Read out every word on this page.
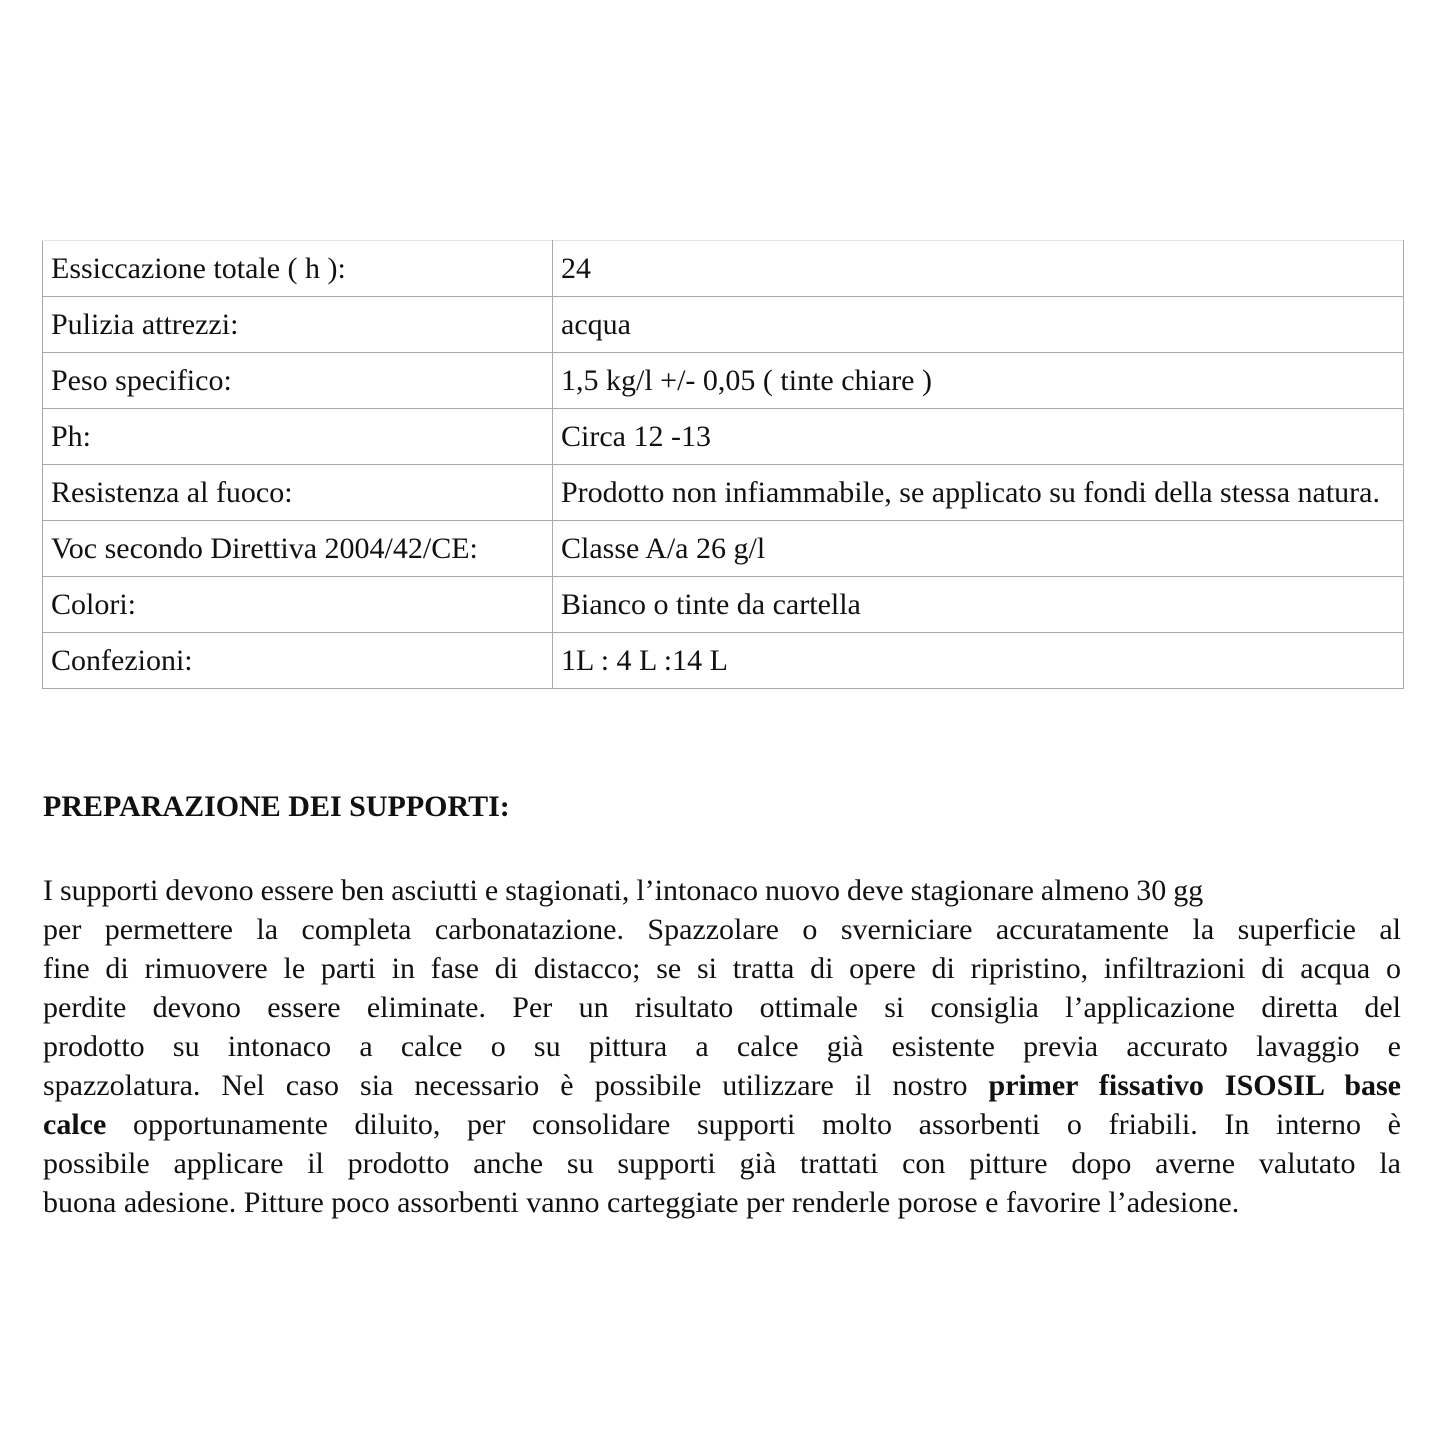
Essiccazione totale ( h ):	24
Pulizia attrezzi:	acqua
Peso specifico:	1,5 kg/l +/- 0,05 ( tinte chiare )
Ph:	Circa 12 -13
Resistenza al fuoco:	Prodotto non infiammabile, se applicato su fondi della stessa natura.
Voc secondo Direttiva 2004/42/CE:	Classe A/a 26 g/l
Colori:	Bianco o tinte da cartella
Confezioni:	1L : 4 L :14 L
PREPARAZIONE DEI SUPPORTI:

I supporti devono essere ben asciutti e stagionati, l’intonaco nuovo deve stagionare almeno 30 gg
per permettere la completa carbonatazione. Spazzolare o sverniciare accuratamente la superficie al
fine di rimuovere le parti in fase di distacco; se si tratta di opere di ripristino, infiltrazioni di acqua o
perdite devono essere eliminate. Per un risultato ottimale si consiglia l’applicazione diretta del
prodotto su intonaco a calce o su pittura a calce già esistente previa accurato lavaggio e
spazzolatura. Nel caso sia necessario è possibile utilizzare il nostro primer fissativo ISOSIL base
calce opportunamente diluito, per consolidare supporti molto assorbenti o friabili. In interno è
possibile applicare il prodotto anche su supporti già trattati con pitture dopo averne valutato la
buona adesione. Pitture poco assorbenti vanno carteggiate per renderle porose e favorire l’adesione.
